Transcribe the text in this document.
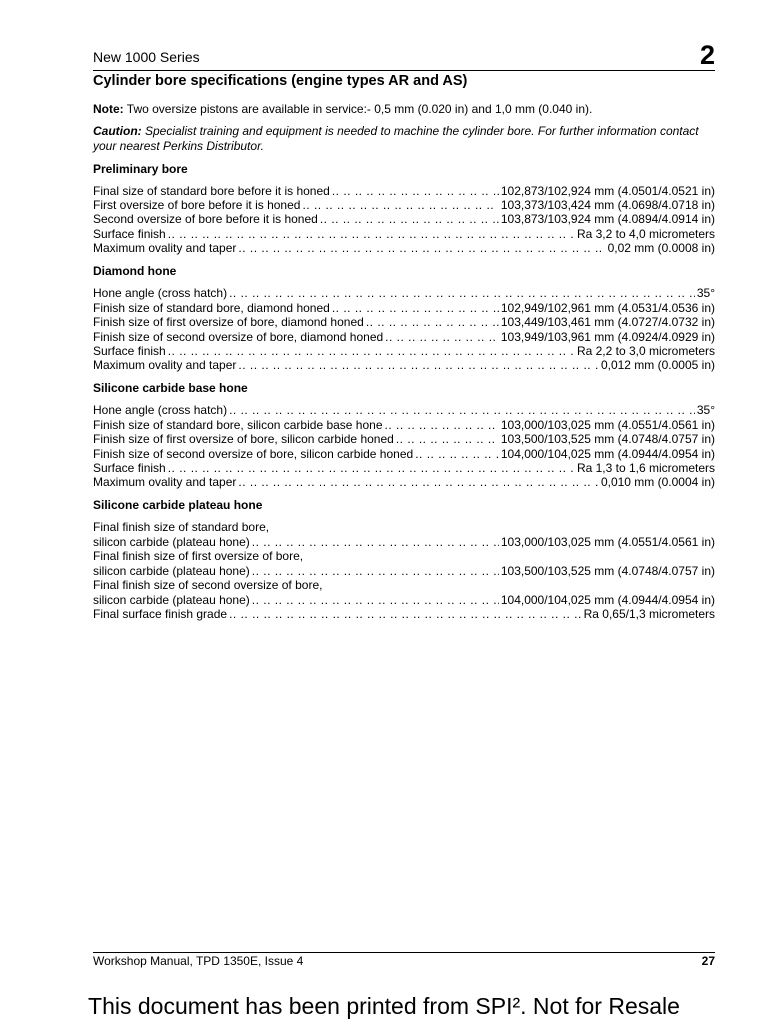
New 1000 Series	2
Cylinder bore specifications (engine types AR and AS)
Note: Two oversize pistons are available in service:- 0,5 mm (0.020 in) and 1,0 mm (0.040 in).
Caution: Specialist training and equipment is needed to machine the cylinder bore. For further information contact your nearest Perkins Distributor.
Preliminary bore
Final size of standard bore before it is honed .. ..	102,873/102,924 mm (4.0501/4.0521 in)
First oversize of bore before it is honed .. ..	103,373/103,424 mm (4.0698/4.0718 in)
Second oversize of bore before it is honed .. ..	103,873/103,924 mm (4.0894/4.0914 in)
Surface finish .. ..	Ra 3,2 to 4,0 micrometers
Maximum ovality and taper .. ..	0,02 mm (0.0008 in)
Diamond hone
Hone angle (cross hatch) .. ..	35°
Finish size of standard bore, diamond honed .. ..	102,949/102,961 mm (4.0531/4.0536 in)
Finish size of first oversize of bore, diamond honed .. ..	103,449/103,461 mm (4.0727/4.0732 in)
Finish size of second oversize of bore, diamond honed .. ..	103,949/103,961 mm (4.0924/4.0929 in)
Surface finish .. ..	Ra 2,2 to 3,0 micrometers
Maximum ovality and taper .. ..	0,012 mm (0.0005 in)
Silicone carbide base hone
Hone angle (cross hatch) .. ..	35°
Finish size of standard bore, silicon carbide base hone .. ..	103,000/103,025 mm (4.0551/4.0561 in)
Finish size of first oversize of bore, silicon carbide honed .. ..	103,500/103,525 mm (4.0748/4.0757 in)
Finish size of second oversize of bore, silicon carbide honed .. ..	104,000/104,025 mm (4.0944/4.0954 in)
Surface finish .. ..	Ra 1,3 to 1,6 micrometers
Maximum ovality and taper .. ..	0,010 mm (0.0004 in)
Silicone carbide plateau hone
Final finish size of standard bore,
silicon carbide (plateau hone) .. ..	103,000/103,025 mm (4.0551/4.0561 in)
Final finish size of first oversize of bore,
silicon carbide (plateau hone) .. ..	103,500/103,525 mm (4.0748/4.0757 in)
Final finish size of second oversize of bore,
silicon carbide (plateau hone) .. ..	104,000/104,025 mm (4.0944/4.0954 in)
Final surface finish grade .. ..	Ra 0,65/1,3 micrometers
Workshop Manual, TPD 1350E, Issue 4	27
This document has been printed from SPI². Not for Resale
